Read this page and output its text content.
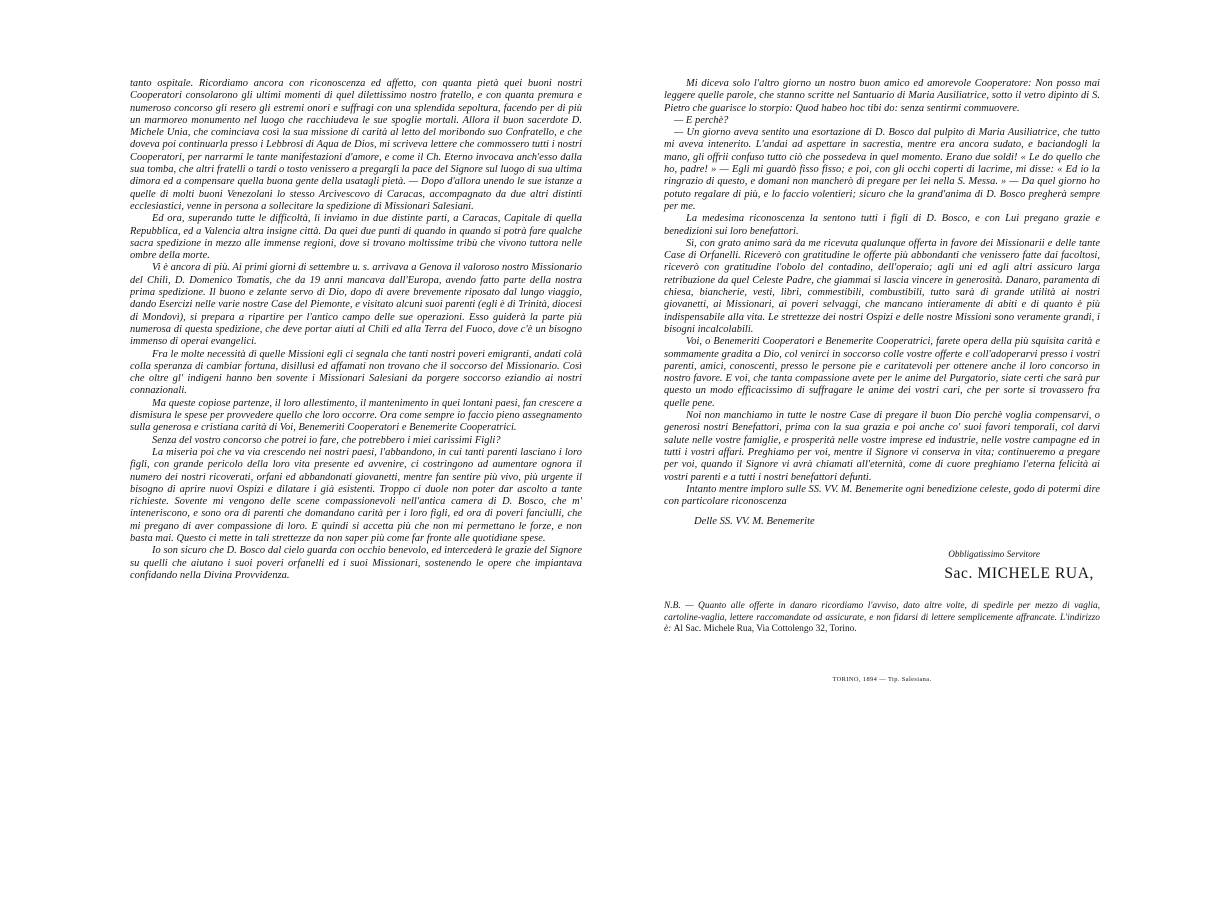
tanto ospitale. Ricordiamo ancora con riconoscenza ed affetto, con quanta pietà quei buoni nostri Cooperatori consolarono gli ultimi momenti di quel dilettissimo nostro fratello, e con quanta premura e numeroso concorso gli resero gli estremi onori e suffragi con una splendida sepoltura, facendo per di più un marmoreo monumento nel luogo che racchiudeva le sue spoglie mortali. Allora il buon sacerdote D. Michele Unia, che cominciava così la sua missione di carità al letto del moribondo suo Confratello, e che doveva poi continuarla presso i Lebbrosi di Aqua de Dios, mi scriveva lettere che commossero tutti i nostri Cooperatori, per narrarmi le tante manifestazioni d'amore, e come il Ch. Eterno invocava anch'esso dalla sua tomba, che altri fratelli o tardi o tosto venissero a pregargli la pace del Signore sul luogo di sua ultima dimora ed a compensare quella buona gente della usatagli pietà. — Dopo d'allora unendo le sue istanze a quelle di molti buoni Venezolani lo stesso Arcivescovo di Caracas, accompagnato da due altri distinti ecclesiastici, venne in persona a sollecitare la spedizione di Missionari Salesiani.

Ed ora, superando tutte le difficoltà, li inviamo in due distinte parti, a Caracas, Capitale di quella Repubblica, ed a Valencia altra insigne città. Da quei due punti di quando in quando si potrà fare qualche sacra spedizione in mezzo alle immense regioni, dove si trovano moltissime tribù che vivono tuttora nelle ombre della morte.

Vi è ancora di più. Ai primi giorni di settembre u. s. arrivava a Genova il valoroso nostro Missionario del Chilì, D. Domenico Tomatis, che da 19 anni mancava dall'Europa, avendo fatto parte della nostra prima spedizione. Il buono e zelante servo di Dio, dopo di avere brevemente riposato dal lungo viaggio, dando Esercizi nelle varie nostre Case del Piemonte, e visitato alcuni suoi parenti (egli è di Trinità, diocesi di Mondovì), si prepara a ripartire per l'antico campo delle sue operazioni. Esso guiderà la parte più numerosa di questa spedizione, che deve portar aiuti al Chilì ed alla Terra del Fuoco, dove c'è un bisogno immenso di operai evangelici.

Fra le molte necessità di quelle Missioni egli ci segnala che tanti nostri poveri emigranti, andati colà colla speranza di cambiar fortuna, disillusi ed affamati non trovano che il soccorso del Missionario. Così che oltre gl' indigeni hanno ben sovente i Missionari Salesiani da porgere soccorso eziandio ai nostri connazionali.

Ma queste copiose partenze, il loro allestimento, il mantenimento in quei lontani paesi, fan crescere a dismisura le spese per provvedere quello che loro occorre. Ora come sempre io faccio pieno assegnamento sulla generosa e cristiana carità di Voi, Benemeriti Cooperatori e Benemerite Cooperatrici.

Senza del vostro concorso che potrei io fare, che potrebbero i miei carissimi Figli?

La miseria poi che va via crescendo nei nostri paesi, l'abbandono, in cui tanti parenti lasciano i loro figli, con grande pericolo della loro vita presente ed avvenire, ci costringono ad aumentare ognora il numero dei nostri ricoverati, orfani ed abbandonati giovanetti, mentre fan sentire più vivo, più urgente il bisogno di aprire nuovi Ospizi e dilatare i già esistenti. Troppo ci duole non poter dar ascolto a tante richieste. Sovente mi vengono delle scene compassionevoli nell'antica camera di D. Bosco, che m' inteneriscono, e sono ora di parenti che domandano carità per i loro figli, ed ora di poveri fanciulli, che mi pregano di aver compassione di loro. E quindi si accetta più che non mi permettano le forze, e non basta mai. Questo ci mette in tali strettezze da non saper più come far fronte alle quotidiane spese.

Io son sicuro che D. Bosco dal cielo guarda con occhio benevolo, ed intercederà le grazie del Signore su quelli che aiutano i suoi poveri orfanelli ed i suoi Missionari, sostenendo le opere che impiantava confidando nella Divina Provvidenza.

Mi diceva solo l'altro giorno un nostro buon amico ed amorevole Cooperatore: Non posso mai leggere quelle parole, che stanno scritte nel Santuario di Maria Ausiliatrice, sotto il vetro dipinto di S. Pietro che guarisce lo storpio: Quod habeo hoc tibi do: senza sentirmi commuovere.

— E perchè?

— Un giorno aveva sentito una esortazione di D. Bosco dal pulpito di Maria Ausiliatrice, che tutto mi aveva intenerito. L'andai ad aspettare in sacrestia, mentre era ancora sudato, e baciandogli la mano, gli offrii confuso tutto ciò che possedeva in quel momento. Erano due soldi! « Le do quello che ho, padre! » — Egli mi guardò fisso fisso; e poi, con gli occhi coperti di lacrime, mi disse: « Ed io la ringrazio di questo, e domani non mancherò di pregare per lei nella S. Messa. » — Da quel giorno ho potuto regalare di più, e lo faccio volentieri; sicuro che la grand'anima di D. Bosco pregherà sempre per me.

La medesima riconoscenza la sentono tutti i figli di D. Bosco, e con Lui pregano grazie e benedizioni sui loro benefattori.

Sì, con grato animo sarà da me ricevuta qualunque offerta in favore dei Missionarii e delle tante Case di Orfanelli. Riceverò con gratitudine le offerte più abbondanti che venissero fatte dai facoltosi, riceverò con gratitudine l'obolo del contadino, dell'operaio; agli uni ed agli altri assicuro larga retribuzione da quel Celeste Padre, che giammai si lascia vincere in generosità. Danaro, paramenta di chiesa, biancherie, vesti, libri, commestibili, combustibili, tutto sarà di grande utilità ai nostri giovanetti, ai Missionari, ai poveri selvaggi, che mancano intieramente di abiti e di quanto è più indispensabile alla vita. Le strettezze dei nostri Ospizi e delle nostre Missioni sono veramente grandi, i bisogni incalcolabili.

Voi, o Benemeriti Cooperatori e Benemerite Cooperatrici, farete opera della più squisita carità e sommamente gradita a Dio, col venirci in soccorso colle vostre offerte e coll'adoperarvi presso i vostri parenti, amici, conoscenti, presso le persone pie e caritatevoli per ottenere anche il loro concorso in nostro favore. E voi, che tanta compassione avete per le anime del Purgatorio, siate certi che sarà pur questo un modo efficacissimo di suffragare le anime dei vostri cari, che per sorte si trovassero fra quelle pene.

Noi non manchiamo in tutte le nostre Case di pregare il buon Dio perchè voglia compensarvi, o generosi nostri Benefattori, prima con la sua grazia e poi anche co' suoi favori temporali, col darvi salute nelle vostre famiglie, e prosperità nelle vostre imprese ed industrie, nelle vostre campagne ed in tutti i vostri affari. Preghiamo per voi, mentre il Signore vi conserva in vita; continueremo a pregare per voi, quando il Signore vi avrà chiamati all'eternità, come di cuore preghiamo l'eterna felicità ai vostri parenti e a tutti i nostri benefattori defunti.

Intanto mentre imploro sulle SS. VV. M. Benemerite ogni benedizione celeste, godo di potermi dire con particolare riconoscenza

Delle SS. VV. M. Benemerite
Obbligatissimo Servitore
Sac. MICHELE RUA,
N.B. — Quanto alle offerte in danaro ricordiamo l'avviso, dato altre volte, di spedirle per mezzo di vaglia, cartoline-vaglia, lettere raccomandate od assicurate, e non fidarsi di lettere semplicemente affrancate. L'indirizzo è: Al Sac. Michele Rua, Via Cottolengo 32, Torino.
TORINO, 1894 — Tip. Salesiana.
